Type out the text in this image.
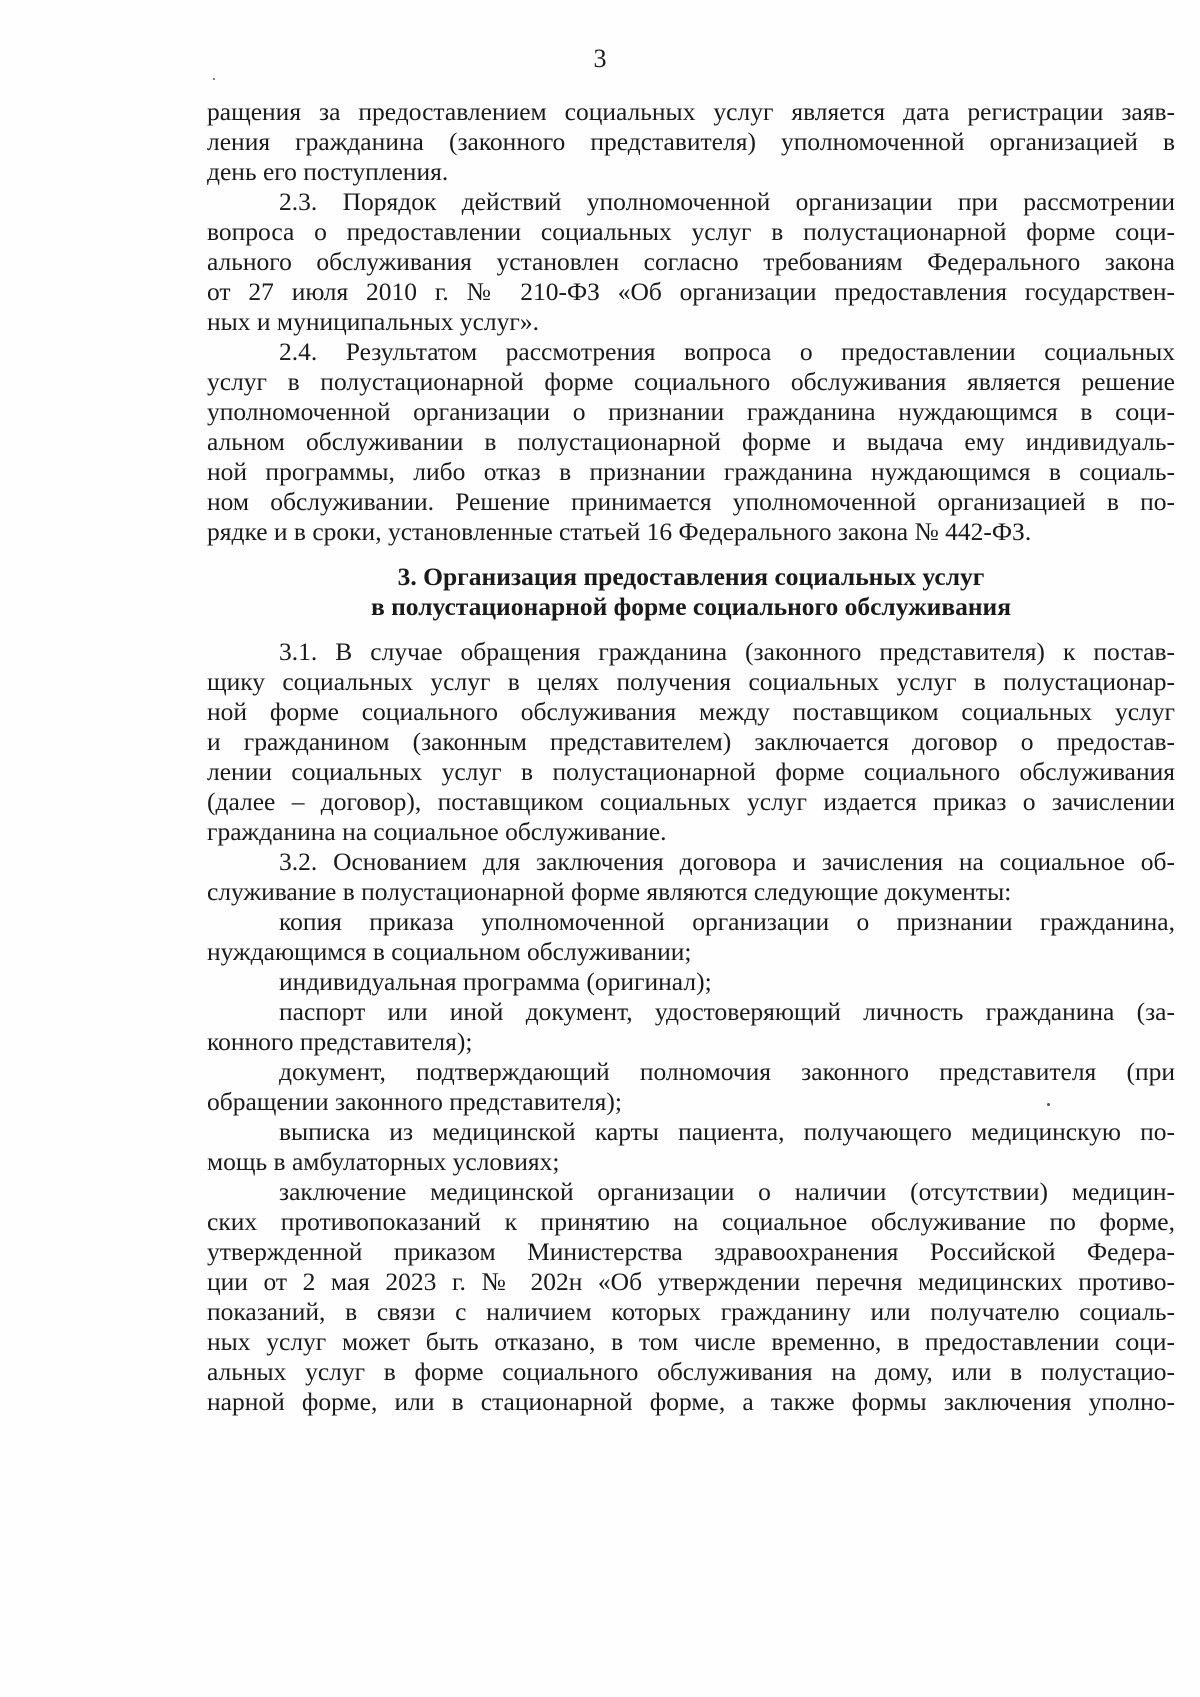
3
ращения за предоставлением социальных услуг является дата регистрации заяв-
ления гражданина (законного представителя) уполномоченной организацией в
день его поступления.
2.3. Порядок действий уполномоченной организации при рассмотрении
вопроса о предоставлении социальных услуг в полустационарной форме соци-
ального обслуживания установлен согласно требованиям Федерального закона
от 27 июля 2010 г. № 210-ФЗ «Об организации предоставления государствен-
ных и муниципальных услуг».
2.4. Результатом рассмотрения вопроса о предоставлении социальных
услуг в полустационарной форме социального обслуживания является решение
уполномоченной организации о признании гражданина нуждающимся в соци-
альном обслуживании в полустационарной форме и выдача ему индивидуаль-
ной программы, либо отказ в признании гражданина нуждающимся в социаль-
ном обслуживании. Решение принимается уполномоченной организацией в по-
рядке и в сроки, установленные статьей 16 Федерального закона № 442-ФЗ.
3. Организация предоставления социальных услуг
в полустационарной форме социального обслуживания
3.1. В случае обращения гражданина (законного представителя) к постав-
щику социальных услуг в целях получения социальных услуг в полустационар-
ной форме социального обслуживания между поставщиком социальных услуг
и гражданином (законным представителем) заключается договор о предостав-
лении социальных услуг в полустационарной форме социального обслуживания
(далее – договор), поставщиком социальных услуг издается приказ о зачислении
гражданина на социальное обслуживание.
3.2. Основанием для заключения договора и зачисления на социальное об-
служивание в полустационарной форме являются следующие документы:
копия приказа уполномоченной организации о признании гражданина,
нуждающимся в социальном обслуживании;
индивидуальная программа (оригинал);
паспорт или иной документ, удостоверяющий личность гражданина (за-
конного представителя);
документ, подтверждающий полномочия законного представителя (при
обращении законного представителя);
выписка из медицинской карты пациента, получающего медицинскую по-
мощь в амбулаторных условиях;
заключение медицинской организации о наличии (отсутствии) медицин-
ских противопоказаний к принятию на социальное обслуживание по форме,
утвержденной приказом Министерства здравоохранения Российской Федера-
ции от 2 мая 2023 г. № 202н «Об утверждении перечня медицинских противо-
показаний, в связи с наличием которых гражданину или получателю социаль-
ных услуг может быть отказано, в том числе временно, в предоставлении соци-
альных услуг в форме социального обслуживания на дому, или в полустацио-
нарной форме, или в стационарной форме, а также формы заключения уполно-
